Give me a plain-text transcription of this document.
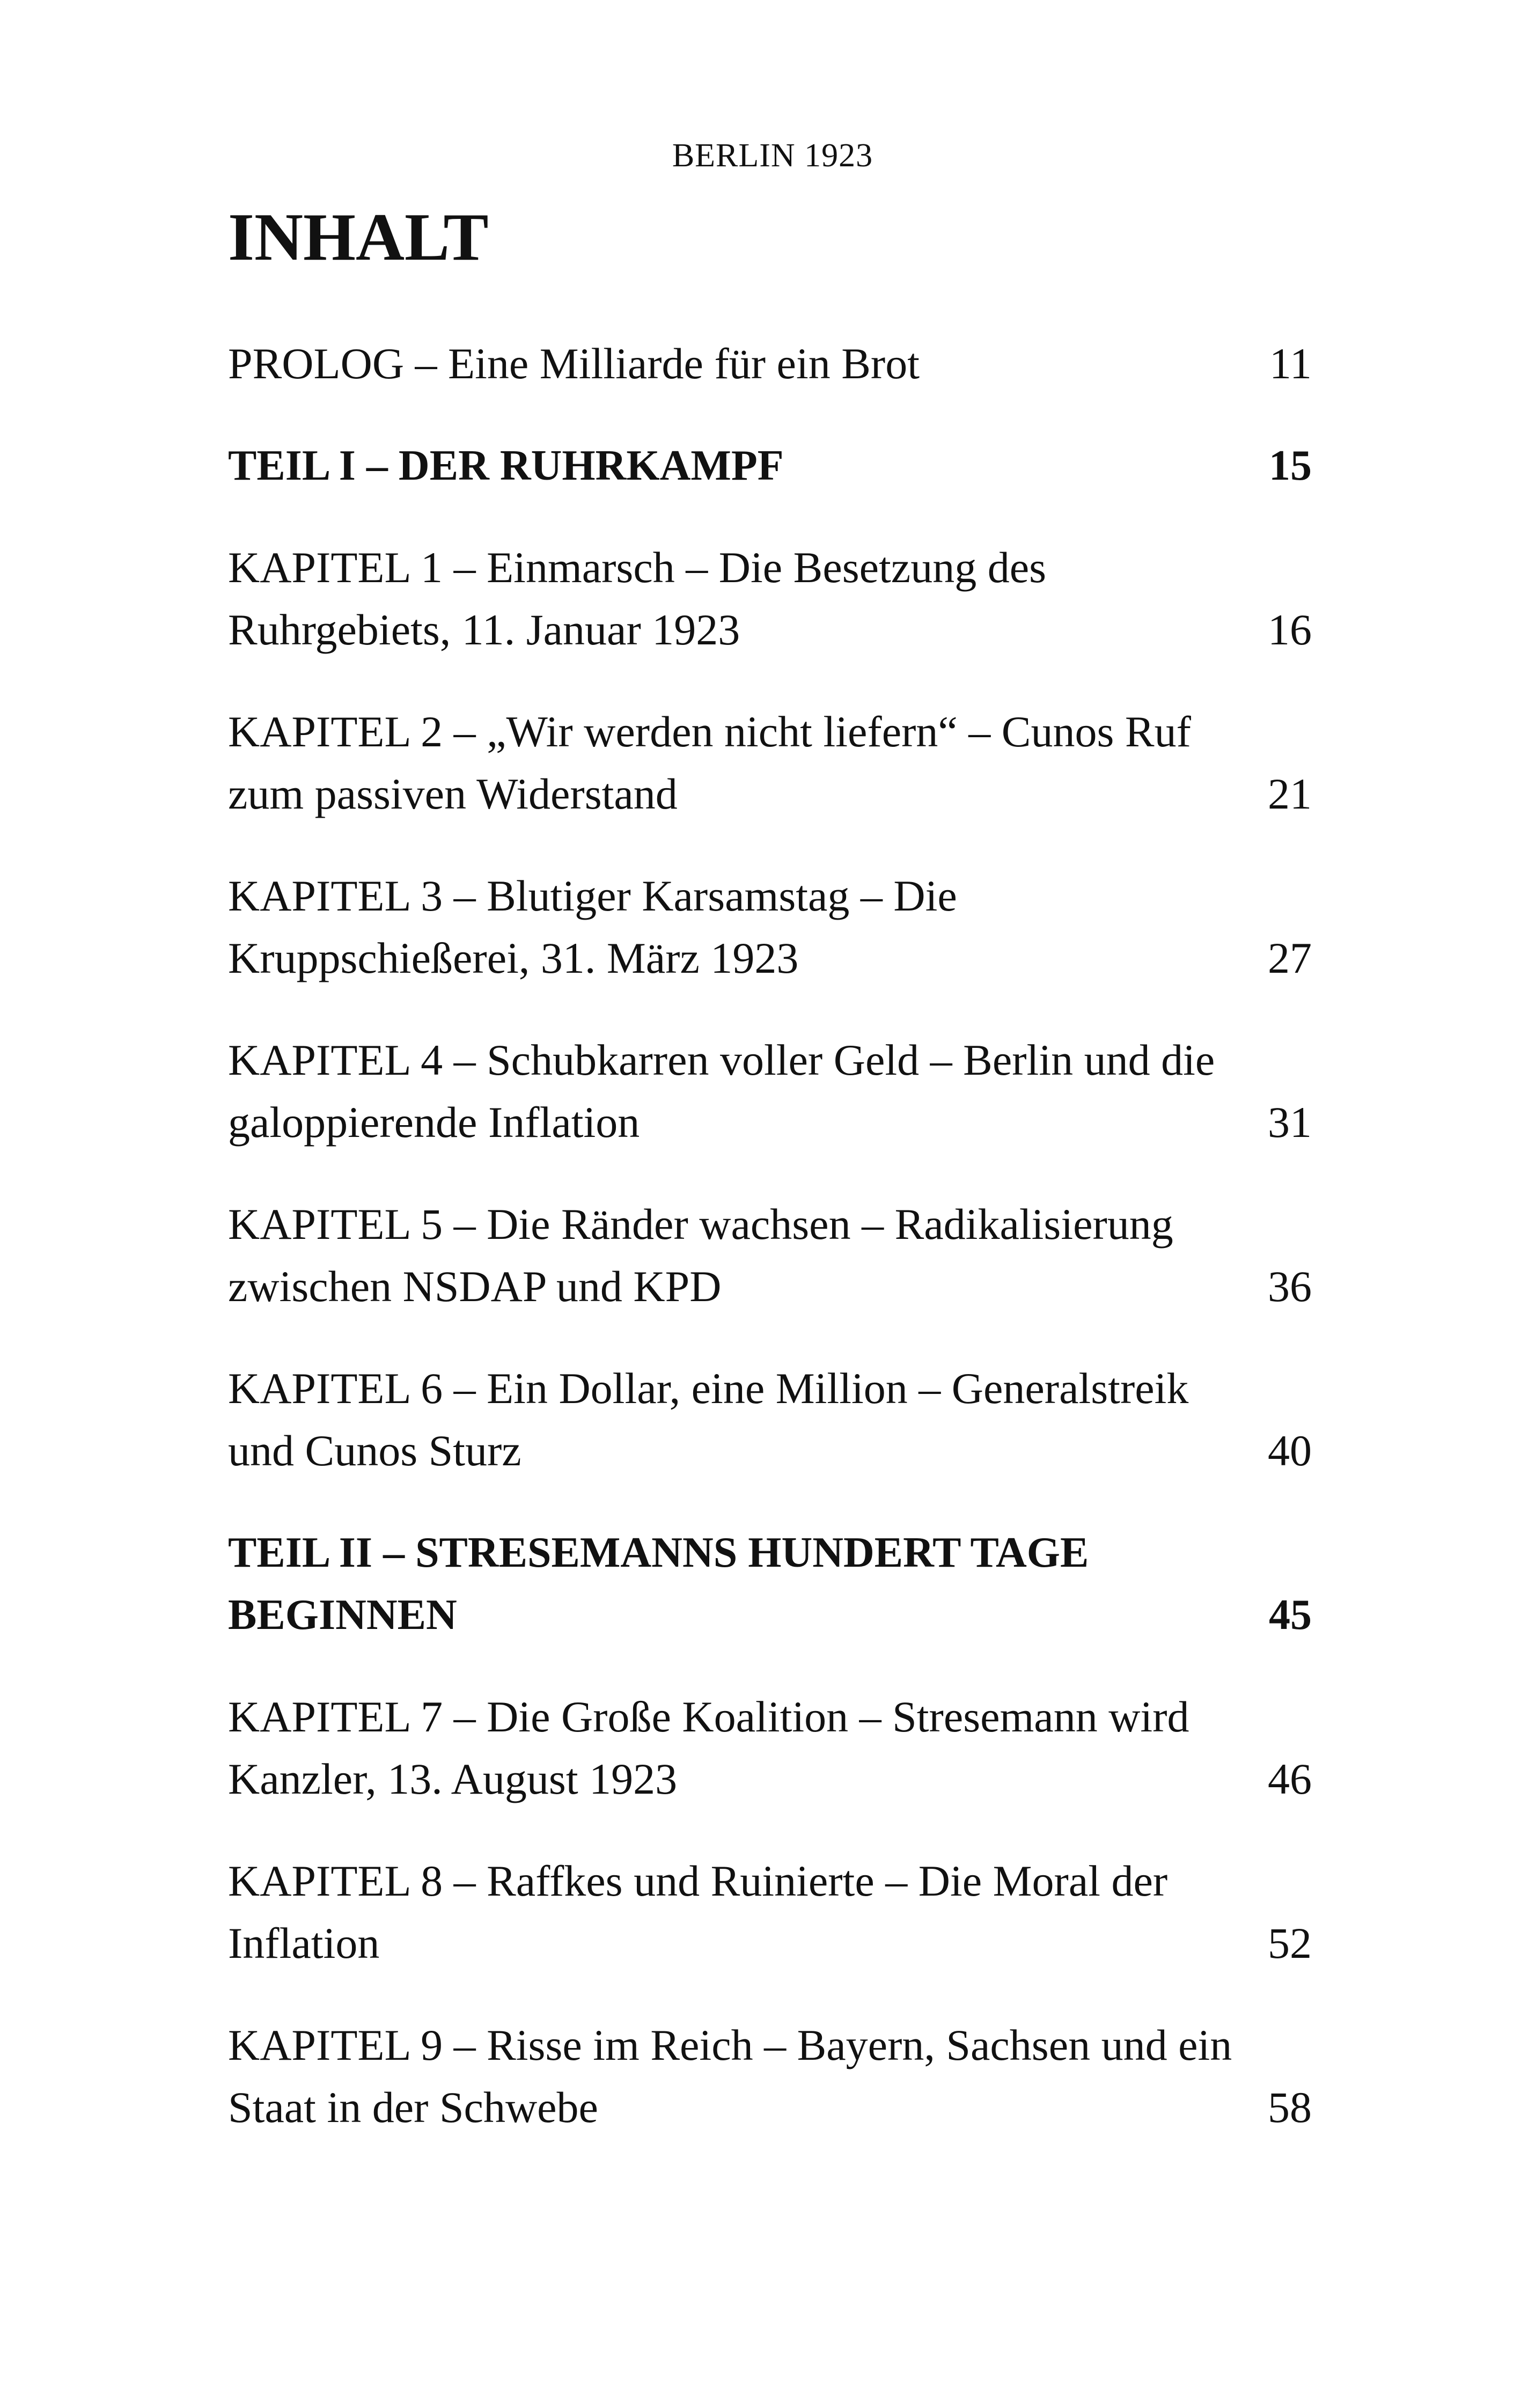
BERLIN 1923
INHALT
PROLOG – Eine Milliarde für ein Brot	11
TEIL I – DER RUHRKAMPF	15
KAPITEL 1 – Einmarsch – Die Besetzung des Ruhrgebiets, 11. Januar 1923	16
KAPITEL 2 – „Wir werden nicht liefern“ – Cunos Ruf zum passiven Widerstand	21
KAPITEL 3 – Blutiger Karsamstag – Die Kruppschießerei, 31. März 1923	27
KAPITEL 4 – Schubkarren voller Geld – Berlin und die galoppierende Inflation	31
KAPITEL 5 – Die Ränder wachsen – Radikalisierung zwischen NSDAP und KPD	36
KAPITEL 6 – Ein Dollar, eine Million – Generalstreik und Cunos Sturz	40
TEIL II – STRESEMANNS HUNDERT TAGE BEGINNEN	45
KAPITEL 7 – Die Große Koalition – Stresemann wird Kanzler, 13. August 1923	46
KAPITEL 8 – Raffkes und Ruinierte – Die Moral der Inflation	52
KAPITEL 9 – Risse im Reich – Bayern, Sachsen und ein Staat in der Schwebe	58
